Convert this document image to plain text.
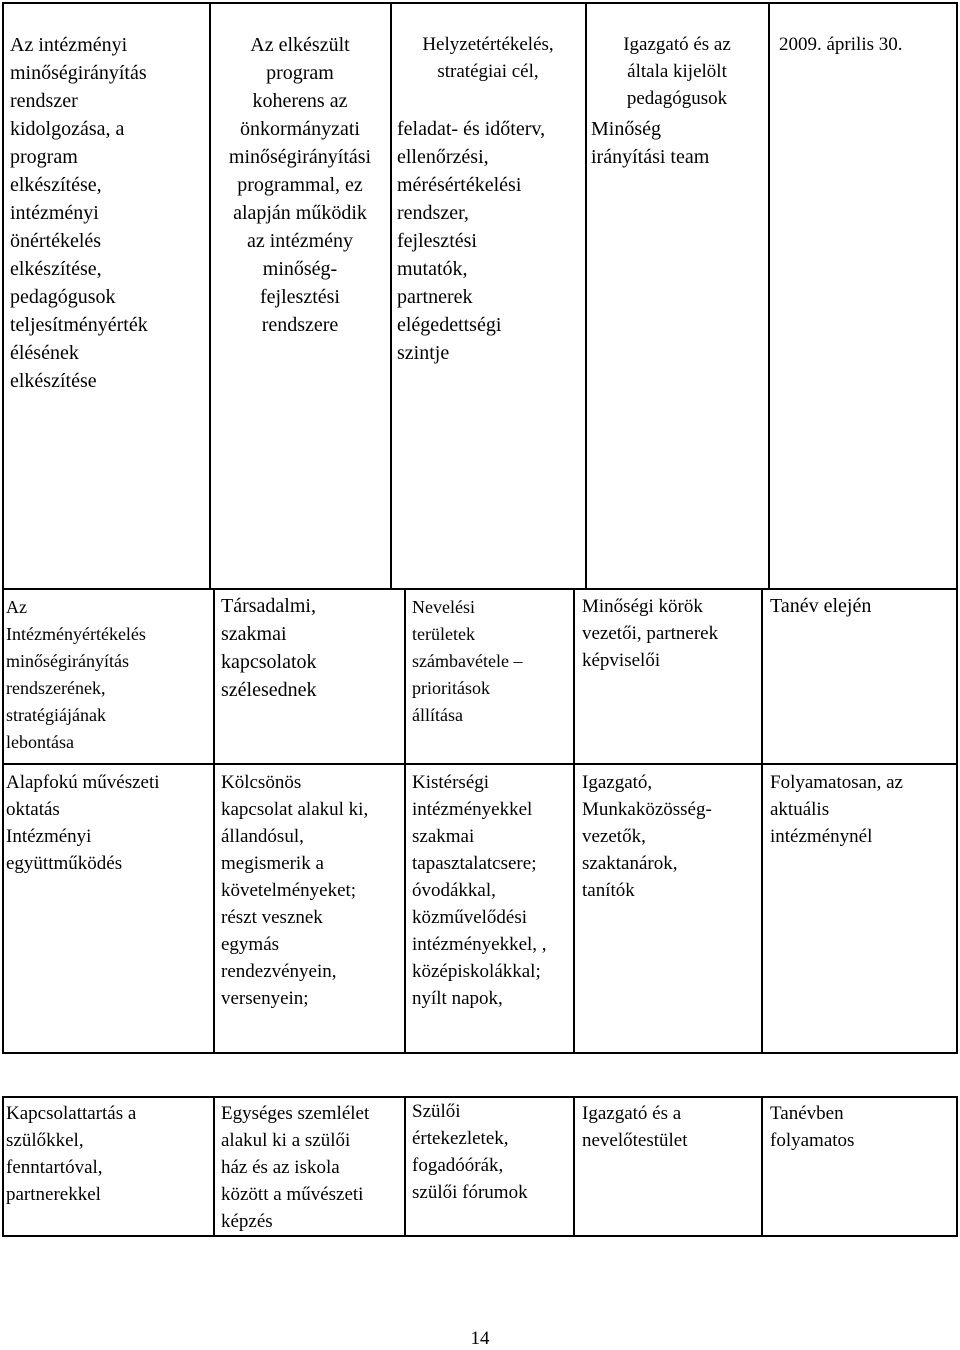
Az intézményi
minőségirányítás
rendszer
kidolgozása, a
program
elkészítése,
intézményi
önértékelés
elkészítése,
pedagógusok
teljesítményérték
élésének
elkészítése
Az elkészült
program
koherens az
önkormányzati
minőségirányítási
programmal, ez
alapján működik
az intézmény
minőség-
fejlesztési
rendszere
Helyzetértékelés,
stratégiai cél,
feladat- és időterv,
ellenőrzési,
mérésértékelési
rendszer,
fejlesztési
mutatók,
partnerek
elégedettségi
szintje
Igazgató és az
általa kijelölt
pedagógusok
Minőség
irányítási team
2009. április 30.
Az
Intézményértékelés
minőségirányítás
rendszerének,
stratégiájának
lebontása
Társadalmi,
szakmai
kapcsolatok
szélesednek
Nevelési
területek
számbavétele –
prioritások
állítása
Minőségi körök
vezetői, partnerek
képviselői
Tanév elején
Alapfokú művészeti
oktatás
Intézményi
együttműködés
Kölcsönös
kapcsolat alakul ki,
állandósul,
megismerik a
követelményeket;
részt vesznek
egymás
rendezvényein,
versenyein;
Kistérségi
intézményekkel
szakmai
tapasztalatcsere;
óvodákkal,
közművelődési
intézményekkel, ,
középiskolákkal;
nyílt napok,
Igazgató,
Munkaközösség-
vezetők,
szaktanárok,
tanítók
Folyamatosan, az
aktuális
intézménynél
Kapcsolattartás a
szülőkkel,
fenntartóval,
partnerekkel
Egységes szemlélet
alakul ki a szülői
ház és az iskola
között a művészeti
képzés
Szülői
értekezletek,
fogadóórák,
szülői fórumok
Igazgató és a
nevelőtestület
Tanévben
folyamatos
14
